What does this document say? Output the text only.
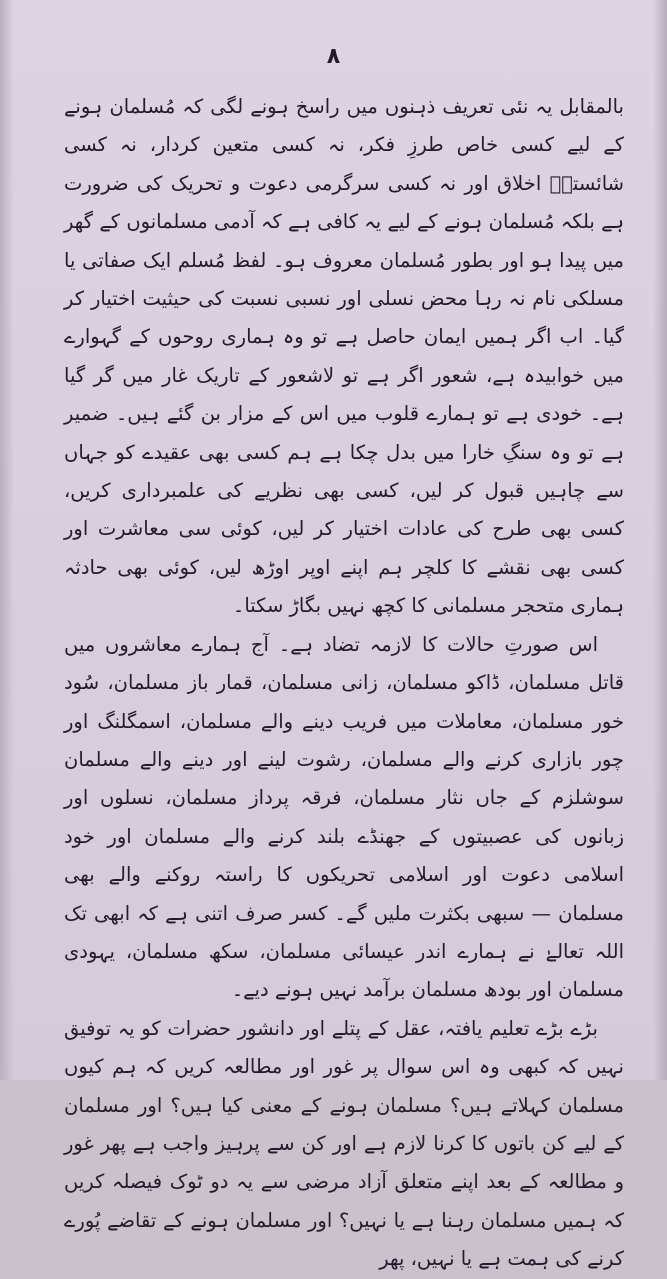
۸

بالمقابل یہ نئی تعریف ذہنوں میں راسخ ہونے لگی کہ مُسلمان ہونے کے لیے کسی خاص طرزِ فکر، نہ کسی متعین کردار، نہ کسی شائستہؐ اخلاق اور نہ کسی سرگرمی دعوت و تحریک کی ضرورت ہے بلکہ مُسلمان ہونے کے لیے یہ کافی ہے کہ آدمی مسلمانوں کے گھر میں پیدا ہو اور بطور مُسلمان معروف ہو۔ لفظ مُسلم ایک صفاتی یا مسلکی نام نہ رہا محض نسلی اور نسبی نسبت کی حیثیت اختیار کر گیا۔ اب اگر ہمیں ایمان حاصل ہے تو وہ ہماری روحوں کے گہوارے میں خوابیدہ ہے، شعور اگر ہے تو لاشعور کے تاریک غار میں گر گیا ہے۔ خودی ہے تو ہمارے قلوب میں اس کے مزار بن گئے ہیں۔ ضمیر ہے تو وہ سنگِ خارا میں بدل چکا ہے ہم کسی بھی عقیدے کو جہاں سے چاہیں قبول کر لیں، کسی بھی نظریے کی علمبرداری کریں، کسی بھی طرح کی عادات اختیار کر لیں، کوئی سی معاشرت اور کسی بھی نقشے کا کلچر ہم اپنے اوپر اوڑھ لیں، کوئی بھی حادثہ ہماری متحجر مسلمانی کا کچھ نہیں بگاڑ سکتا۔

اس صورتِ حالات کا لازمہ تضاد ہے۔ آج ہمارے معاشروں میں قاتل مسلمان، ڈاکو مسلمان، زانی مسلمان، قمار باز مسلمان، سُود خور مسلمان، معاملات میں فریب دینے والے مسلمان، اسمگلنگ اور چور بازاری کرنے والے مسلمان، رشوت لینے اور دینے والے مسلمان سوشلزم کے جاں نثار مسلمان، فرقہ پرداز مسلمان، نسلوں اور زبانوں کی عصبیتوں کے جھنڈے بلند کرنے والے مسلمان اور خود اسلامی دعوت اور اسلامی تحریکوں کا راستہ روکنے والے بھی مسلمان — سبھی بکثرت ملیں گے۔ کسر صرف اتنی ہے کہ ابھی تک اللہ تعالےٰ نے ہمارے اندر عیسائی مسلمان، سکھ مسلمان، یہودی مسلمان اور بودھ مسلمان برآمد نہیں ہونے دیے۔

بڑے بڑے تعلیم یافتہ، عقل کے پتلے اور دانشور حضرات کو یہ توفیق نہیں کہ کبھی وہ اس سوال پر غور اور مطالعہ کریں کہ ہم کیوں مسلمان کہلاتے ہیں؟ مسلمان ہونے کے معنی کیا ہیں؟ اور مسلمان کے لیے کن باتوں کا کرنا لازم ہے اور کن سے پرہیز واجب ہے پھر غور و مطالعہ کے بعد اپنے متعلق آزاد مرضی سے یہ دو ٹوک فیصلہ کریں کہ ہمیں مسلمان رہنا ہے یا نہیں؟ اور مسلمان ہونے کے تقاضے پُورے کرنے کی ہمت ہے یا نہیں، پھر
